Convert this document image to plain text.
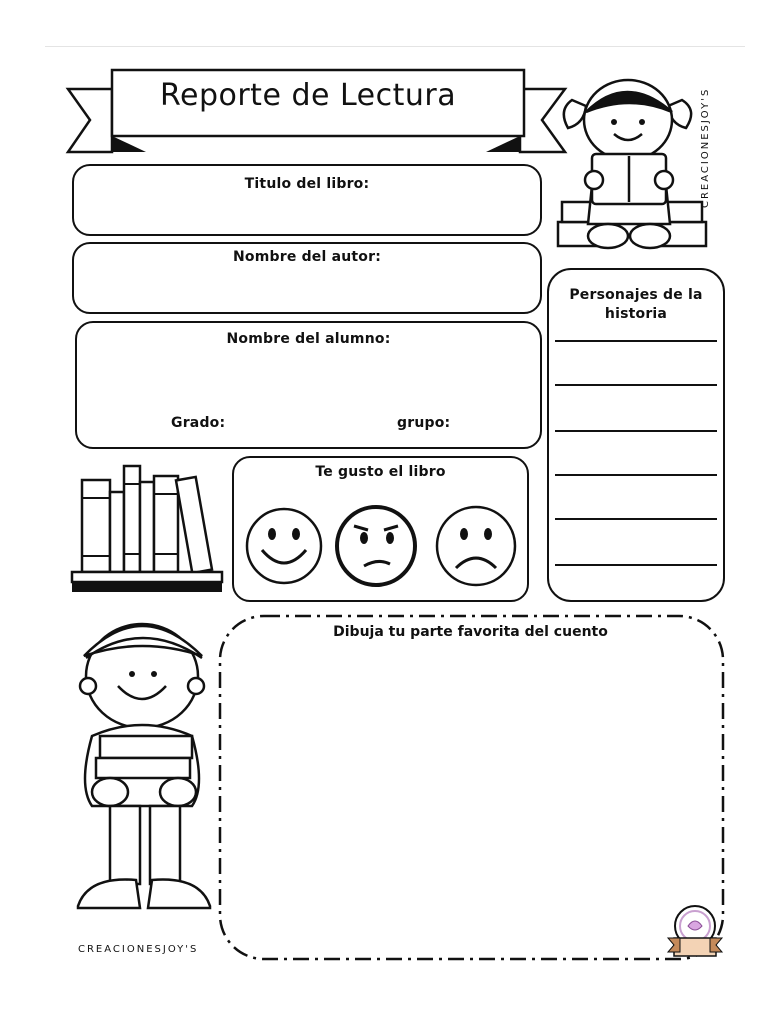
Reporte de Lectura	CREACIONESJOY'S
Titulo del libro:
Nombre del autor:
Nombre del alumno:
Grado:	grupo:
Personajes de la historia
Te gusto el libro
CREACIONESJOY'S
Dibuja tu parte favorita del cuento
